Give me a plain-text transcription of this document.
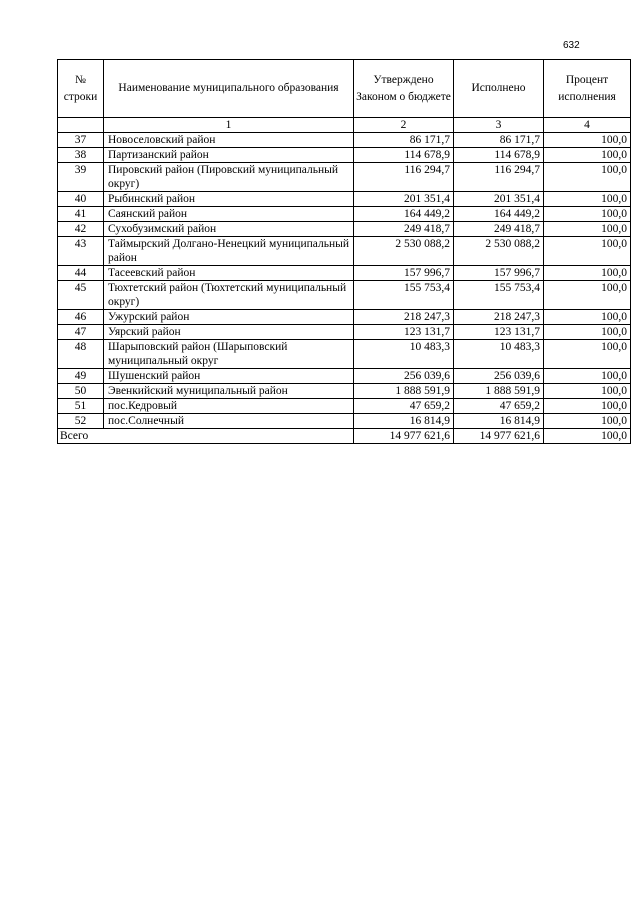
632
№ строки	Наименование муниципального образования	Утверждено Законом о бюджете	Исполнено	Процент исполнения
	1	2	3	4
37	Новоселовский район	86 171,7	86 171,7	100,0
38	Партизанский район	114 678,9	114 678,9	100,0
39	Пировский район (Пировский муниципальный округ)	116 294,7	116 294,7	100,0
40	Рыбинский район	201 351,4	201 351,4	100,0
41	Саянский район	164 449,2	164 449,2	100,0
42	Сухобузимский район	249 418,7	249 418,7	100,0
43	Таймырский Долгано-Ненецкий муниципальный район	2 530 088,2	2 530 088,2	100,0
44	Тасеевский район	157 996,7	157 996,7	100,0
45	Тюхтетский район (Тюхтетский муниципальный округ)	155 753,4	155 753,4	100,0
46	Ужурский район	218 247,3	218 247,3	100,0
47	Уярский район	123 131,7	123 131,7	100,0
48	Шарыповский район (Шарыповский муниципальный округ	10 483,3	10 483,3	100,0
49	Шушенский район	256 039,6	256 039,6	100,0
50	Эвенкийский муниципальный район	1 888 591,9	1 888 591,9	100,0
51	пос.Кедровый	47 659,2	47 659,2	100,0
52	пос.Солнечный	16 814,9	16 814,9	100,0
Всего		14 977 621,6	14 977 621,6	100,0
